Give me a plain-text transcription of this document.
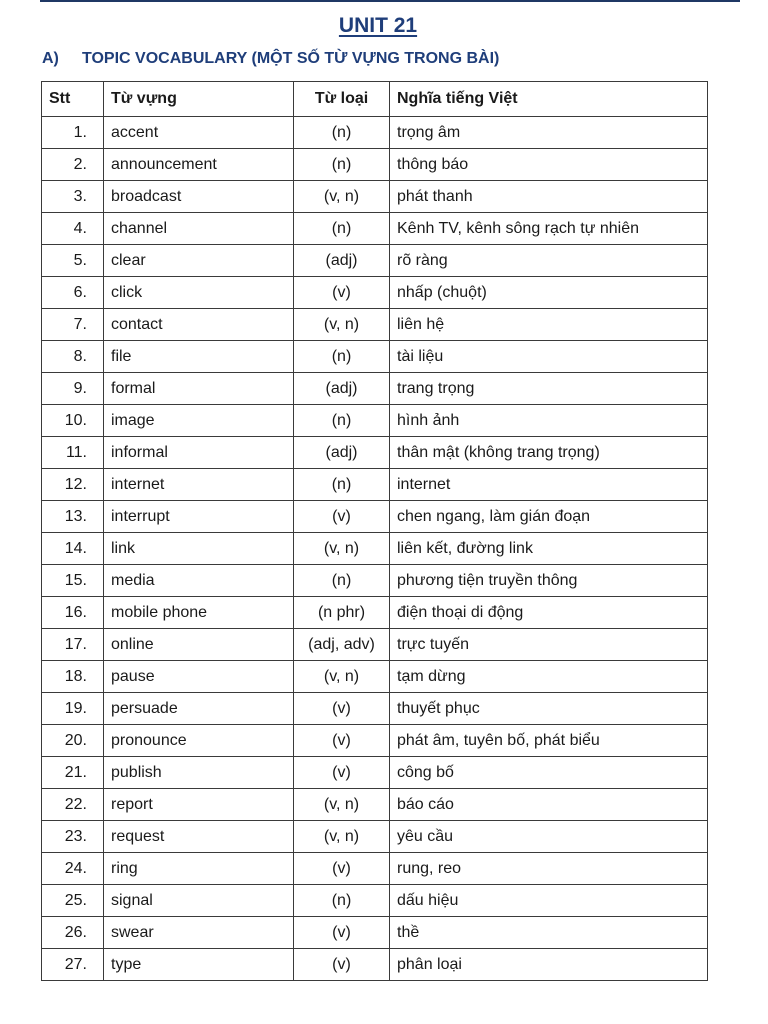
UNIT 21
A) TOPIC VOCABULARY (MỘT SỐ TỪ VỰNG TRONG BÀI)
Stt	Từ vựng	Từ loại	Nghĩa tiếng Việt
1.	accent	(n)	trọng âm
2.	announcement	(n)	thông báo
3.	broadcast	(v, n)	phát thanh
4.	channel	(n)	Kênh TV, kênh sông rạch tự nhiên
5.	clear	(adj)	rõ ràng
6.	click	(v)	nhấp (chuột)
7.	contact	(v, n)	liên hệ
8.	file	(n)	tài liệu
9.	formal	(adj)	trang trọng
10.	image	(n)	hình ảnh
11.	informal	(adj)	thân mật (không trang trọng)
12.	internet	(n)	internet
13.	interrupt	(v)	chen ngang, làm gián đoạn
14.	link	(v, n)	liên kết, đường link
15.	media	(n)	phương tiện truyền thông
16.	mobile phone	(n phr)	điện thoại di động
17.	online	(adj, adv)	trực tuyến
18.	pause	(v, n)	tạm dừng
19.	persuade	(v)	thuyết phục
20.	pronounce	(v)	phát âm, tuyên bố, phát biểu
21.	publish	(v)	công bố
22.	report	(v, n)	báo cáo
23.	request	(v, n)	yêu cầu
24.	ring	(v)	rung, reo
25.	signal	(n)	dấu hiệu
26.	swear	(v)	thề
27.	type	(v)	phân loại
